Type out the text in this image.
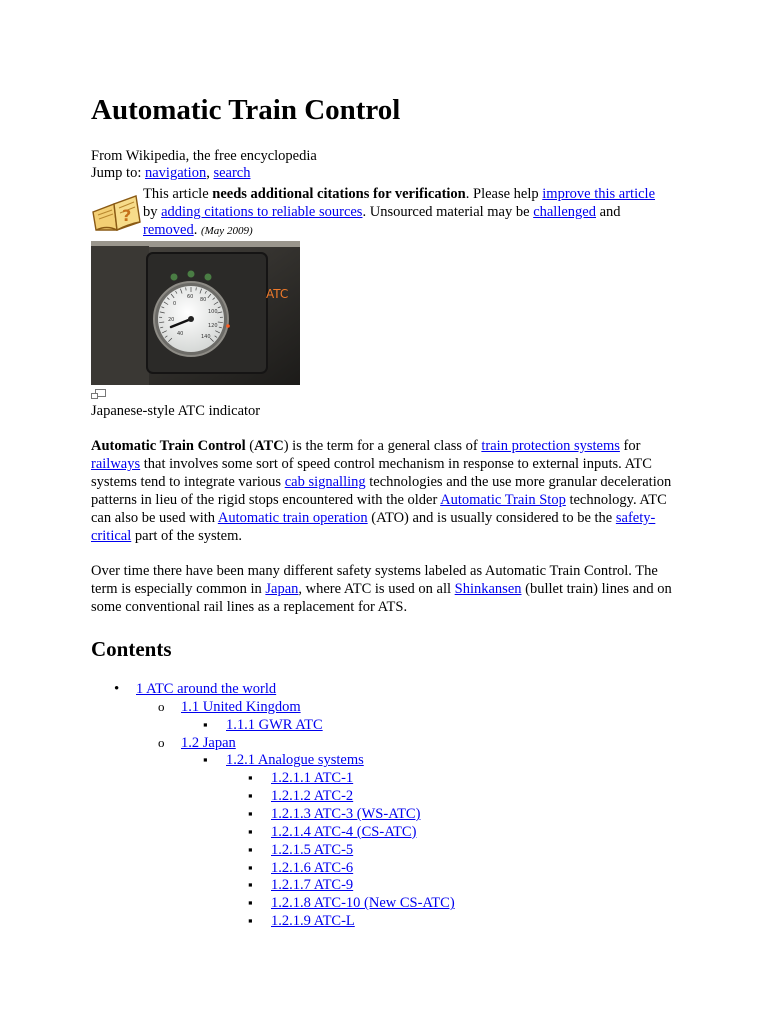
Automatic Train Control
From Wikipedia, the free encyclopedia
Jump to: navigation, search
?
This article needs additional citations for verification. Please help improve this article
by adding citations to reliable sources. Unsourced material may be challenged and
removed. (May 2009)
0
20
40
60 80
100
120
140
ATC
Japanese-style ATC indicator

Automatic Train Control (ATC) is the term for a general class of train protection systems for railways that involves some sort of speed control mechanism in response to external inputs. ATC systems tend to integrate various cab signalling technologies and the use more granular deceleration patterns in lieu of the rigid stops encountered with the older Automatic Train Stop technology. ATC can also be used with Automatic train operation (ATO) and is usually considered to be the safety-critical part of the system.

Over time there have been many different safety systems labeled as Automatic Train Control. The term is especially common in Japan, where ATC is used on all Shinkansen (bullet train) lines and on some conventional rail lines as a replacement for ATS.

Contents
• 1 ATC around the world
o 1.1 United Kingdom
▪ 1.1.1 GWR ATC
o 1.2 Japan
▪ 1.2.1 Analogue systems
▪ 1.2.1.1 ATC-1
▪ 1.2.1.2 ATC-2
▪ 1.2.1.3 ATC-3 (WS-ATC)
▪ 1.2.1.4 ATC-4 (CS-ATC)
▪ 1.2.1.5 ATC-5
▪ 1.2.1.6 ATC-6
▪ 1.2.1.7 ATC-9
▪ 1.2.1.8 ATC-10 (New CS-ATC)
▪ 1.2.1.9 ATC-L
